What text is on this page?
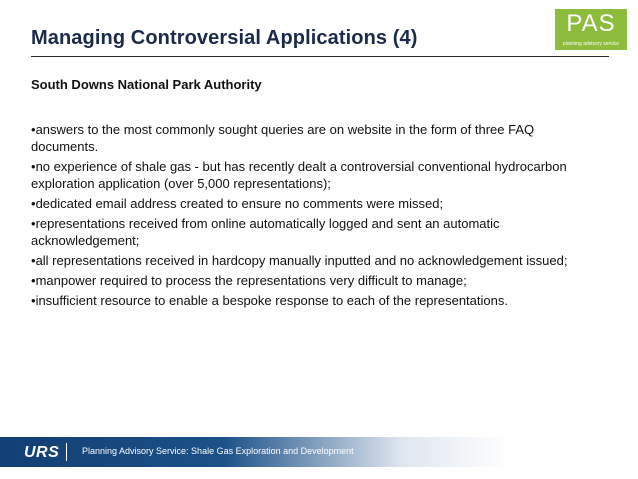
Managing Controversial Applications (4)
PAS
planning advisory service

South Downs National Park Authority

•answers to the most commonly sought queries are on website in the form of three FAQ documents.
•no experience of shale gas - but has recently dealt a controversial conventional hydrocarbon exploration application (over 5,000 representations);
•dedicated email address created to ensure no comments were missed;
•representations received from online automatically logged and sent an automatic acknowledgement;
•all representations received in hardcopy manually inputted and no acknowledgement issued;
•manpower required to process the representations very difficult to manage;
•insufficient resource to enable a bespoke response to each of the representations.
URS	Planning Advisory Service: Shale Gas Exploration and Development
